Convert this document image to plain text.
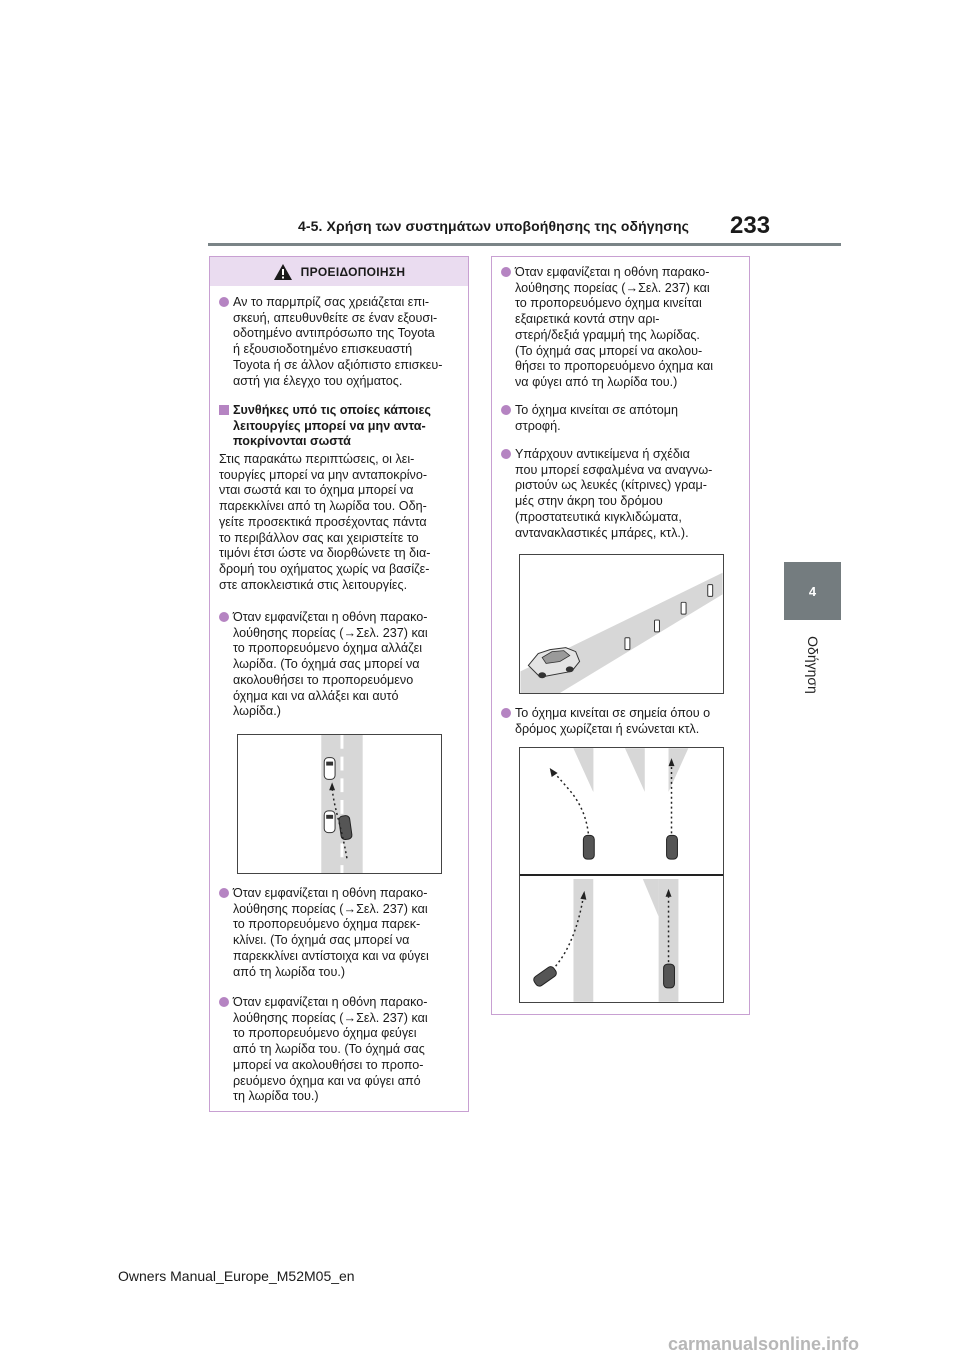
4-5. Χρήση των συστημάτων υποβοήθησης της οδήγησης 233
4
Οδήγηση
ΠΡΟΕΙΔΟΠΟΙΗΣΗ
Αν το παρμπρίζ σας χρειάζεται επι-
σκευή, απευθυνθείτε σε έναν εξουσι-
οδοτημένο αντιπρόσωπο της Toyota
ή εξουσιοδοτημένο επισκευαστή
Toyota ή σε άλλον αξιόπιστο επισκευ-
αστή για έλεγχο του οχήματος.
Συνθήκες υπό τις οποίες κάποιες
λειτουργίες μπορεί να μην αντα-
ποκρίνονται σωστά
Στις παρακάτω περιπτώσεις, οι λει-
τουργίες μπορεί να μην ανταποκρίνο-
νται σωστά και το όχημα μπορεί να
παρεκκλίνει από τη λωρίδα του. Οδη-
γείτε προσεκτικά προσέχοντας πάντα
το περιβάλλον σας και χειριστείτε το
τιμόνι έτσι ώστε να διορθώνετε τη δια-
δρομή του οχήματος χωρίς να βασίζε-
στε αποκλειστικά στις λειτουργίες.
Όταν εμφανίζεται η οθόνη παρακο-
λούθησης πορείας (→Σελ. 237) και
το προπορευόμενο όχημα αλλάζει
λωρίδα. (Το όχημά σας μπορεί να
ακολουθήσει το προπορευόμενο
όχημα και να αλλάξει και αυτό
λωρίδα.)
Όταν εμφανίζεται η οθόνη παρακο-
λούθησης πορείας (→Σελ. 237) και
το προπορευόμενο όχημα παρεκ-
κλίνει. (Το όχημά σας μπορεί να
παρεκκλίνει αντίστοιχα και να φύγει
από τη λωρίδα του.)
Όταν εμφανίζεται η οθόνη παρακο-
λούθησης πορείας (→Σελ. 237) και
το προπορευόμενο όχημα φεύγει
από τη λωρίδα του. (Το όχημά σας
μπορεί να ακολουθήσει το προπο-
ρευόμενο όχημα και να φύγει από
τη λωρίδα του.)
Όταν εμφανίζεται η οθόνη παρακο-
λούθησης πορείας (→Σελ. 237) και
το προπορευόμενο όχημα κινείται
εξαιρετικά κοντά στην αρι-
στερή/δεξιά γραμμή της λωρίδας.
(Το όχημά σας μπορεί να ακολου-
θήσει το προπορευόμενο όχημα και
να φύγει από τη λωρίδα του.)
Το όχημα κινείται σε απότομη
στροφή.
Υπάρχουν αντικείμενα ή σχέδια
που μπορεί εσφαλμένα να αναγνω-
ριστούν ως λευκές (κίτρινες) γραμ-
μές στην άκρη του δρόμου
(προστατευτικά κιγκλιδώματα,
αντανακλαστικές μπάρες, κτλ.).
Το όχημα κινείται σε σημεία όπου ο
δρόμος χωρίζεται ή ενώνεται κτλ.
Owners Manual_Europe_M52M05_en
carmanualsonline.info
